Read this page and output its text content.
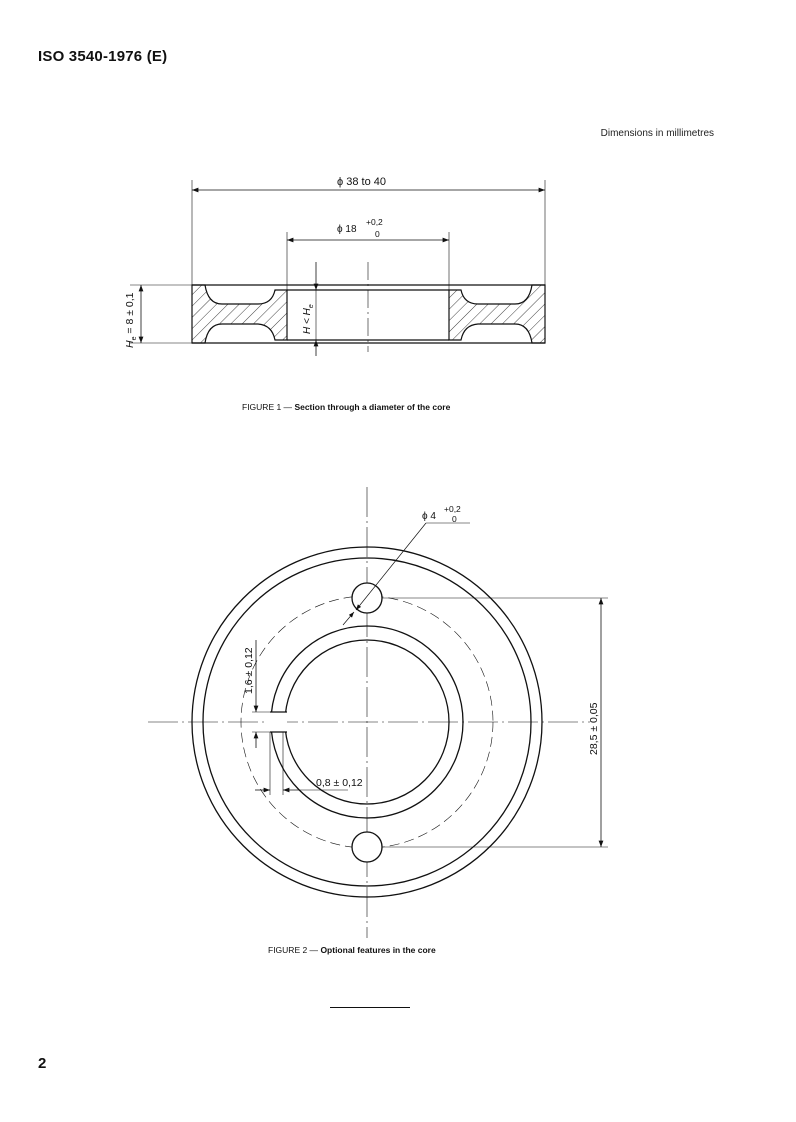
ISO 3540-1976 (E)
Dimensions in millimetres
ϕ 38 to 40
ϕ 18
+0,2
0
$H_e = 8 \pm 0,1$	$H < H_e$
FIGURE 1 — Section through a diameter of the core
ϕ 4
+0,2
0
28,5 ± 0,05
1,6 ± 0,12
0,8 ± 0,12
FIGURE 2 — Optional features in the core
2
